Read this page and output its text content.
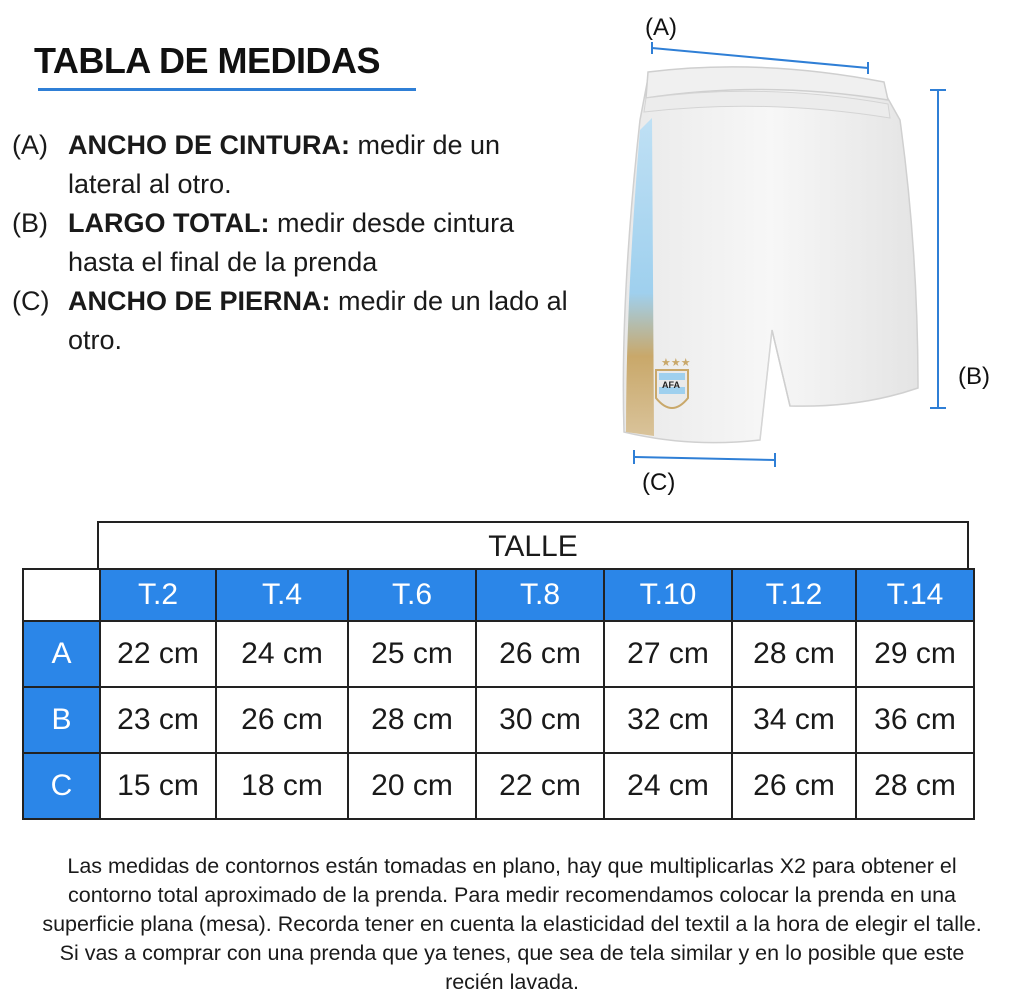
TABLA DE MEDIDAS
(A) ANCHO DE CINTURA: medir de un lateral al otro.
(B) LARGO TOTAL: medir desde cintura hasta el final de la prenda
(C) ANCHO DE PIERNA: medir de un lado al otro.
(A)
(B)
(C)
★★★
AFA
TALLE
	T.2	T.4	T.6	T.8	T.10	T.12	T.14
A	22 cm	24 cm	25 cm	26 cm	27 cm	28 cm	29 cm
B	23 cm	26 cm	28 cm	30 cm	32 cm	34 cm	36 cm
C	15 cm	18 cm	20 cm	22 cm	24 cm	26 cm	28 cm
Las medidas de contornos están tomadas en plano, hay que multiplicarlas X2 para obtener el contorno total aproximado de la prenda. Para medir recomendamos colocar la prenda en una superficie plana (mesa). Recorda tener en cuenta la elasticidad del textil a la hora de elegir el talle. Si vas a comprar con una prenda que ya tenes, que sea de tela similar y en lo posible que este recién lavada.
